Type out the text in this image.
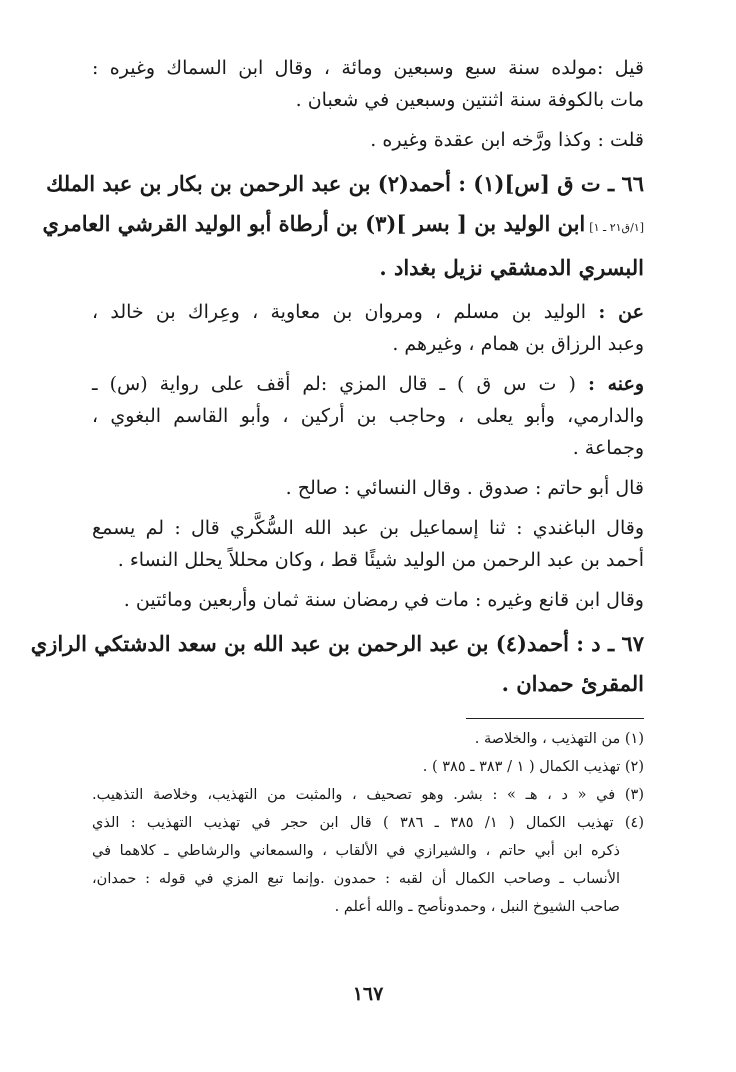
قيل :مولده سنة سبع وسبعين ومائة ، وقال ابن السماك وغيره :
مات بالكوفة سنة اثنتين وسبعين في شعبان .
قلت : وكذا ورَّخه ابن عقدة وغيره .
٦٦ ـ ت ق [س](١) : أحمد(٢) بن عبد الرحمن بن بكار بن عبد الملك
[١/ق٢١ ـ ١]ابن الوليد بن [ بسر ](٣) بن أرطاة أبو الوليد القرشي العامري
البسري الدمشقي نزيل بغداد .
عن : الوليد بن مسلم ، ومروان بن معاوية ، وعِراك بن خالد ،
وعبد الرزاق بن همام ، وغيرهم .
وعنه : ( ت س ق ) ـ قال المزي :لم أقف على رواية (س) ـ
والدارمي، وأبو يعلى ، وحاجب بن أركين ، وأبو القاسم البغوي ،
وجماعة .
قال أبو حاتم : صدوق . وقال النسائي : صالح .
وقال الباغندي : ثنا إسماعيل بن عبد الله السُّكَّري قال : لم يسمع
أحمد بن عبد الرحمن من الوليد شيئًا قط ، وكان محللاً يحلل النساء .
وقال ابن قانع وغيره : مات في رمضان سنة ثمان وأربعين ومائتين .
٦٧ ـ د : أحمد(٤) بن عبد الرحمن بن عبد الله بن سعد الدشتكي الرازي
المقرئ حمدان .
(١) من التهذيب ، والخلاصة .
(٢) تهذيب الكمال ( ١ / ٣٨٣ ـ ٣٨٥ ) .
(٣) في « د ، هـ » : بشر. وهو تصحيف ، والمثبت من التهذيب، وخلاصة التذهيب.
(٤) تهذيب الكمال ( ١/ ٣٨٥ ـ ٣٨٦ ) قال ابن حجر في تهذيب التهذيب : الذي
ذكره ابن أبي حاتم ، والشيرازي في الألقاب ، والسمعاني والرشاطي ـ كلاهما في
الأنساب ـ وصاحب الكمال أن لقبه : حمدون .وإنما تبع المزي في قوله : حمدان،
صاحب الشيوخ النبل ، وحمدونأصح ـ والله أعلم .
١٦٧
